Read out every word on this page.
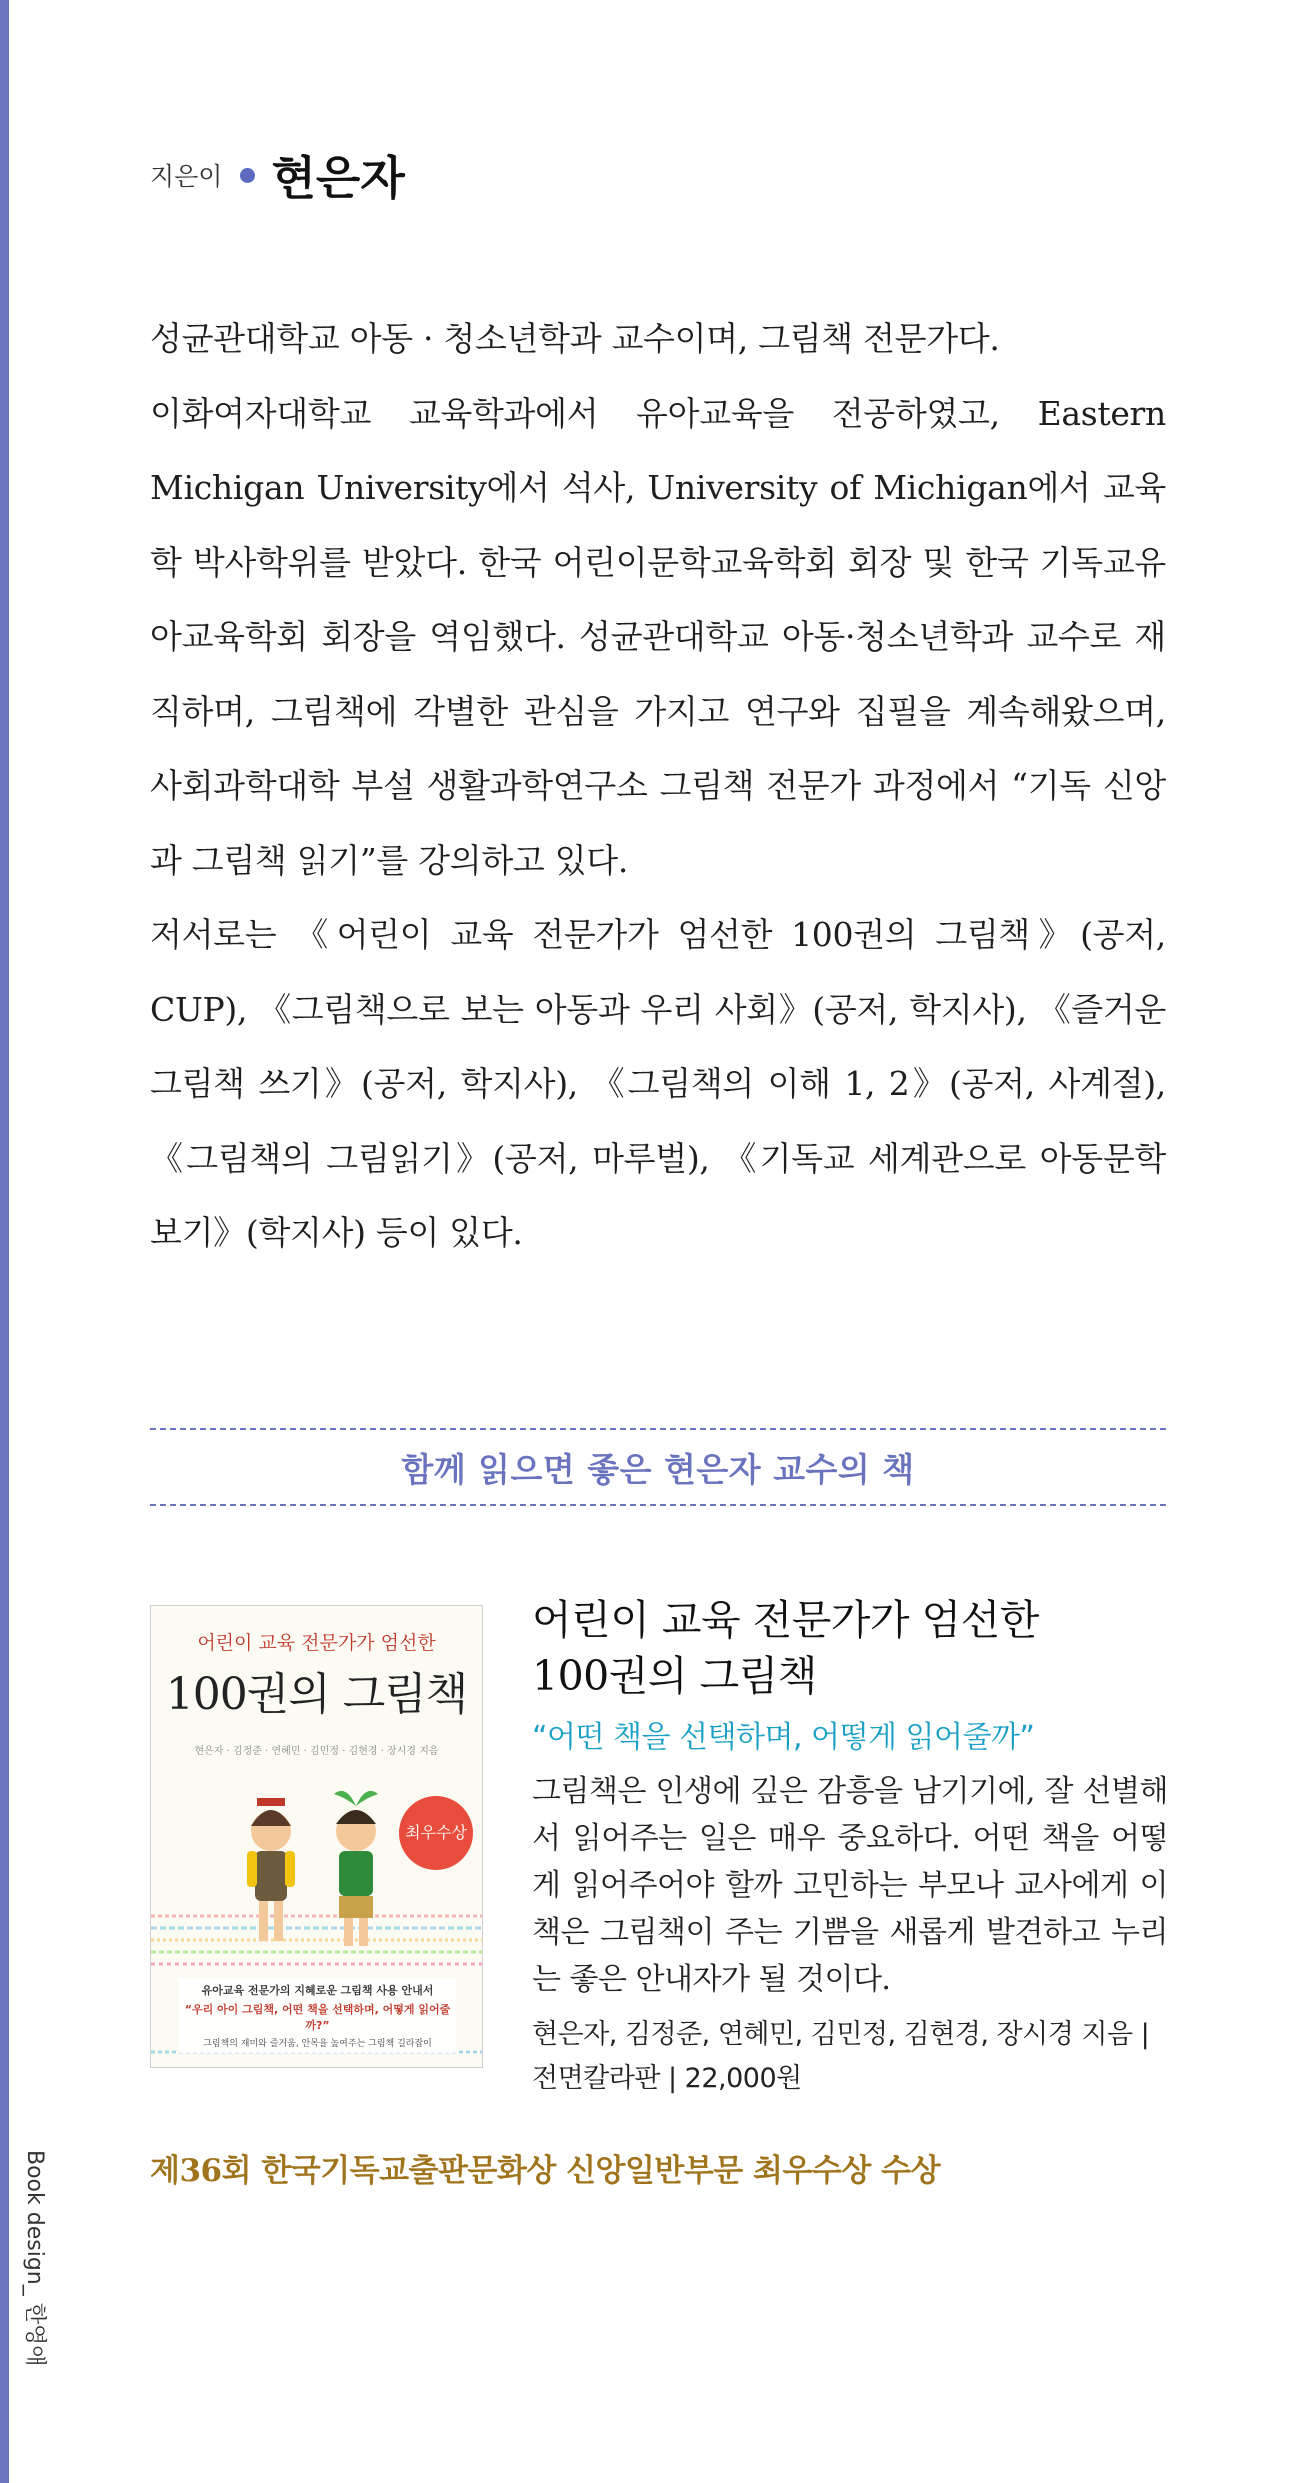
Book design_ 한영애
지은이 현은자

성균관대학교 아동 · 청소년학과 교수이며, 그림책 전문가다.

이화여자대학교 교육학과에서 유아교육을 전공하였고, Eastern Michigan University에서 석사, University of Michigan에서 교육학 박사학위를 받았다. 한국 어린이문학교육학회 회장 및 한국 기독교유아교육학회 회장을 역임했다. 성균관대학교 아동·청소년학과 교수로 재직하며, 그림책에 각별한 관심을 가지고 연구와 집필을 계속해왔으며, 사회과학대학 부설 생활과학연구소 그림책 전문가 과정에서 “기독 신앙과 그림책 읽기”를 강의하고 있다.

저서로는 《어린이 교육 전문가가 엄선한 100권의 그림책》(공저, CUP), 《그림책으로 보는 아동과 우리 사회》(공저, 학지사), 《즐거운 그림책 쓰기》(공저, 학지사), 《그림책의 이해 1, 2》(공저, 사계절), 《그림책의 그림읽기》(공저, 마루벌), 《기독교 세계관으로 아동문학 보기》(학지사) 등이 있다.

함께 읽으면 좋은 현은자 교수의 책
어린이 교육 전문가가 엄선한
100권의 그림책
현은자 · 김정준 · 연혜민 · 김민정 · 김현경 · 장시경 지음
최우수상
유아교육 전문가의 지혜로운 그림책 사용 안내서
“우리 아이 그림책, 어떤 책을 선택하며, 어떻게 읽어줄까?”
그림책의 재미와 즐거움, 안목을 높여주는 그림책 길라잡이
어린이 교육 전문가가 엄선한
100권의 그림책
“어떤 책을 선택하며, 어떻게 읽어줄까”
그림책은 인생에 깊은 감흥을 남기기에, 잘 선별해서 읽어주는 일은 매우 중요하다. 어떤 책을 어떻게 읽어주어야 할까 고민하는 부모나 교사에게 이 책은 그림책이 주는 기쁨을 새롭게 발견하고 누리는 좋은 안내자가 될 것이다.
현은자, 김정준, 연혜민, 김민정, 김현경, 장시경 지음 |
전면칼라판 | 22,000원
제36회 한국기독교출판문화상 신앙일반부문 최우수상 수상
